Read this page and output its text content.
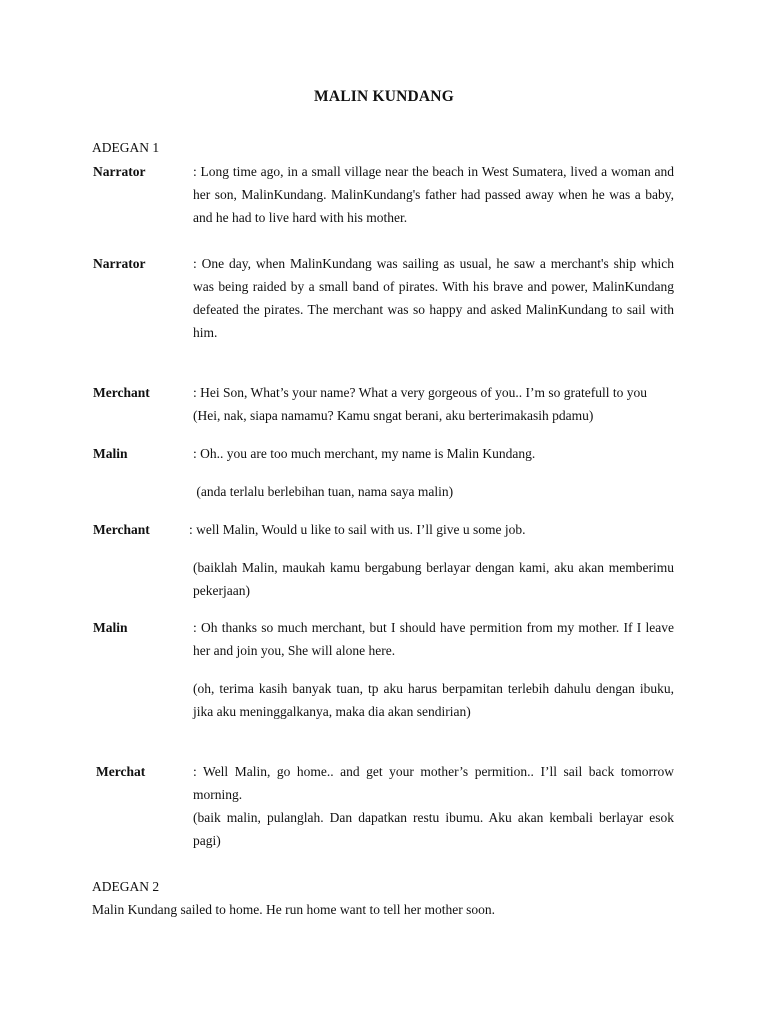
MALIN KUNDANG
ADEGAN 1
Narrator	: Long time ago, in a small village near the beach in West Sumatera, lived a woman and her son, MalinKundang. MalinKundang's father had passed away when he was a baby, and he had to live hard with his mother.
Narrator	: One day, when MalinKundang was sailing as usual, he saw a merchant's ship which was being raided by a small band of pirates. With his brave and power, MalinKundang defeated the pirates. The merchant was so happy and asked MalinKundang to sail with him.
Merchant	: Hei Son, What’s your name? What a very gorgeous of you.. I’m so gratefull to you
(Hei, nak, siapa namamu? Kamu sngat berani, aku berterimakasih pdamu)
Malin	: Oh.. you are too much merchant, my name is Malin Kundang.
(anda terlalu berlebihan tuan, nama saya malin)
Merchant	: well Malin, Would u like to sail with us. I’ll give u some job.
(baiklah Malin, maukah kamu bergabung berlayar dengan kami, aku akan memberimu pekerjaan)
Malin	: Oh thanks so much merchant, but I should have permition from my mother. If I leave her and join you, She will alone here.
(oh, terima kasih banyak tuan, tp aku harus berpamitan terlebih dahulu dengan ibuku, jika aku meninggalkanya, maka dia akan sendirian)
Merchat	: Well Malin, go home.. and get your mother’s permition.. I’ll sail back tomorrow morning.
(baik malin, pulanglah. Dan dapatkan restu ibumu. Aku akan kembali berlayar esok pagi)
ADEGAN 2
Malin Kundang sailed to home. He run home want to tell her mother soon.
